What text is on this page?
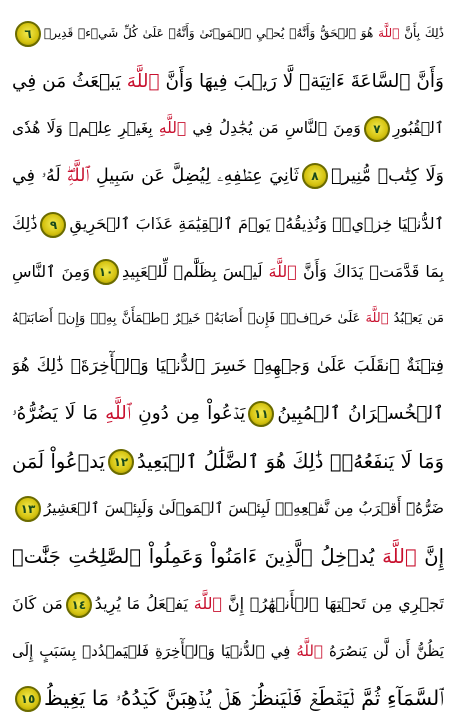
ذَٰلِكَ بِأَنَّ ٱللَّهَ هُوَ ٱلۡحَقُّ وَأَنَّهُۥ يُحۡيِ ٱلۡمَوۡتَىٰ وَأَنَّهُۥ عَلَىٰ كُلِّ شَيۡءٖ قَدِيرٞ٦
وَأَنَّ ٱلسَّاعَةَ ءَاتِيَةٞ لَّا رَيۡبَ فِيهَا وَأَنَّ ٱللَّهَ يَبۡعَثُ مَن فِي
ٱلۡقُبُورِ٧وَمِنَ ٱلنَّاسِ مَن يُجَٰدِلُ فِي ٱللَّهِ بِغَيۡرِ عِلۡمٖ وَلَا هُدٗى
وَلَا كِتَٰبٖ مُّنِيرٖ٨ثَانِيَ عِطۡفِهِۦ لِيُضِلَّ عَن سَبِيلِ ٱللَّهِۖ لَهُۥ فِي
ٱلدُّنۡيَا خِزۡيٞۖ وَنُذِيقُهُۥ يَوۡمَ ٱلۡقِيَٰمَةِ عَذَابَ ٱلۡحَرِيقِ٩ذَٰلِكَ
بِمَا قَدَّمَتۡ يَدَاكَ وَأَنَّ ٱللَّهَ لَيۡسَ بِظَلَّٰمٖ لِّلۡعَبِيدِ١٠وَمِنَ ٱلنَّاسِ
مَن يَعۡبُدُ ٱللَّهَ عَلَىٰ حَرۡفٖۖ فَإِنۡ أَصَابَهُۥ خَيۡرٌ ٱطۡمَأَنَّ بِهِۦۖ وَإِنۡ أَصَابَتۡهُ
فِتۡنَةٌ ٱنقَلَبَ عَلَىٰ وَجۡهِهِۦ خَسِرَ ٱلدُّنۡيَا وَٱلۡأٓخِرَةَۚ ذَٰلِكَ هُوَ
ٱلۡخُسۡرَانُ ٱلۡمُبِينُ١١يَدۡعُواْ مِن دُونِ ٱللَّهِ مَا لَا يَضُرُّهُۥ
وَمَا لَا يَنفَعُهُۥۚ ذَٰلِكَ هُوَ ٱلضَّلَٰلُ ٱلۡبَعِيدُ١٢يَدۡعُواْ لَمَن
ضَرُّهُۥٓ أَقۡرَبُ مِن نَّفۡعِهِۦۚ لَبِئۡسَ ٱلۡمَوۡلَىٰ وَلَبِئۡسَ ٱلۡعَشِيرُ١٣
إِنَّ ٱللَّهَ يُدۡخِلُ ٱلَّذِينَ ءَامَنُواْ وَعَمِلُواْ ٱلصَّٰلِحَٰتِ جَنَّٰتٖ
تَجۡرِي مِن تَحۡتِهَا ٱلۡأَنۡهَٰرُۚ إِنَّ ٱللَّهَ يَفۡعَلُ مَا يُرِيدُ١٤مَن كَانَ
يَظُنُّ أَن لَّن يَنصُرَهُ ٱللَّهُ فِي ٱلدُّنۡيَا وَٱلۡأٓخِرَةِ فَلۡيَمۡدُدۡ بِسَبَبٍ إِلَى
ٱلسَّمَآءِ ثُمَّ لۡيَقۡطَعۡ فَلۡيَنظُرۡ هَلۡ يُذۡهِبَنَّ كَيۡدُهُۥ مَا يَغِيظُ١٥
